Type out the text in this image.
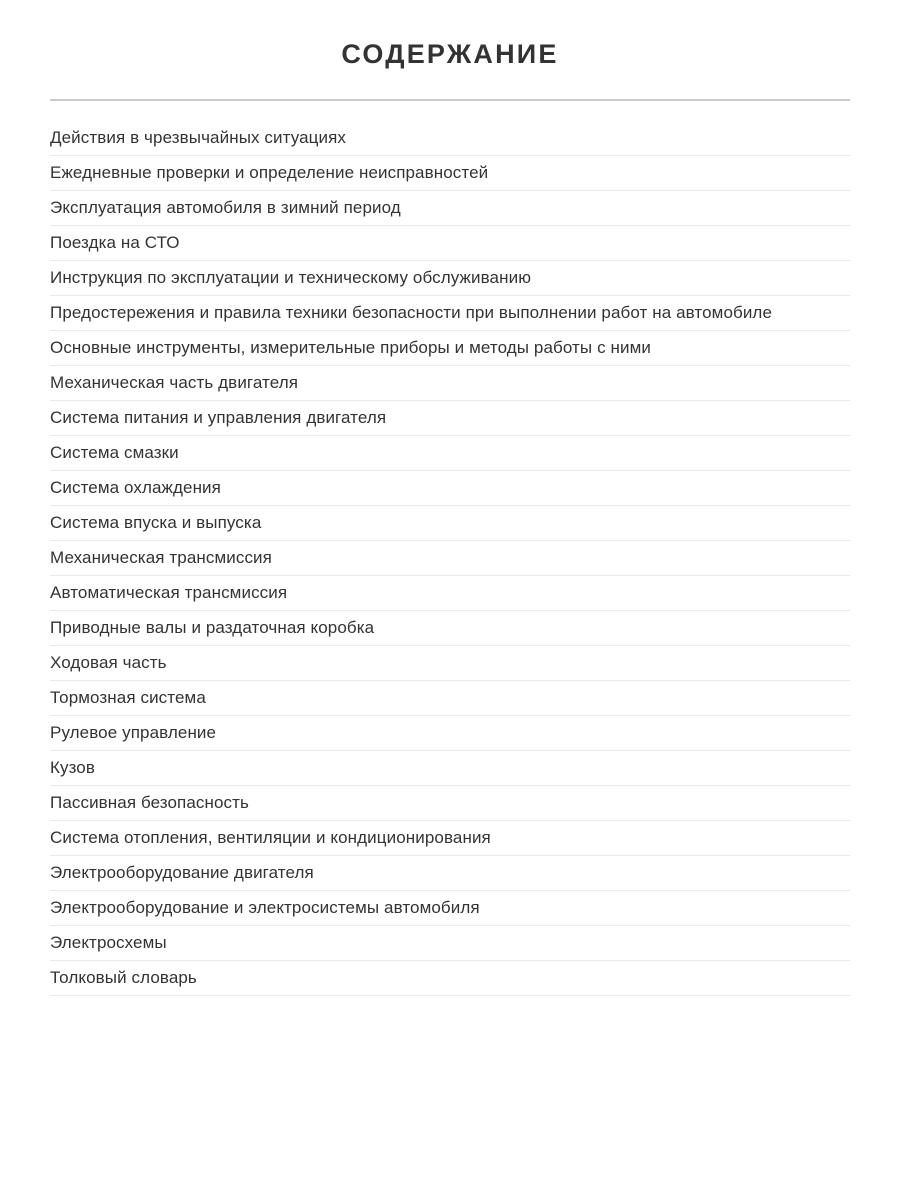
СОДЕРЖАНИЕ
Действия в чрезвычайных ситуациях
Ежедневные проверки и определение неисправностей
Эксплуатация автомобиля в зимний период
Поездка на СТО
Инструкция по эксплуатации и техническому обслуживанию
Предостережения и правила техники безопасности при выполнении работ на автомобиле
Основные инструменты, измерительные приборы и методы работы с ними
Механическая часть двигателя
Система питания и управления двигателя
Система смазки
Система охлаждения
Система впуска и выпуска
Механическая трансмиссия
Автоматическая трансмиссия
Приводные валы и раздаточная коробка
Ходовая часть
Тормозная система
Рулевое управление
Кузов
Пассивная безопасность
Система отопления, вентиляции и кондиционирования
Электрооборудование двигателя
Электрооборудование и электросистемы автомобиля
Электросхемы
Толковый словарь
